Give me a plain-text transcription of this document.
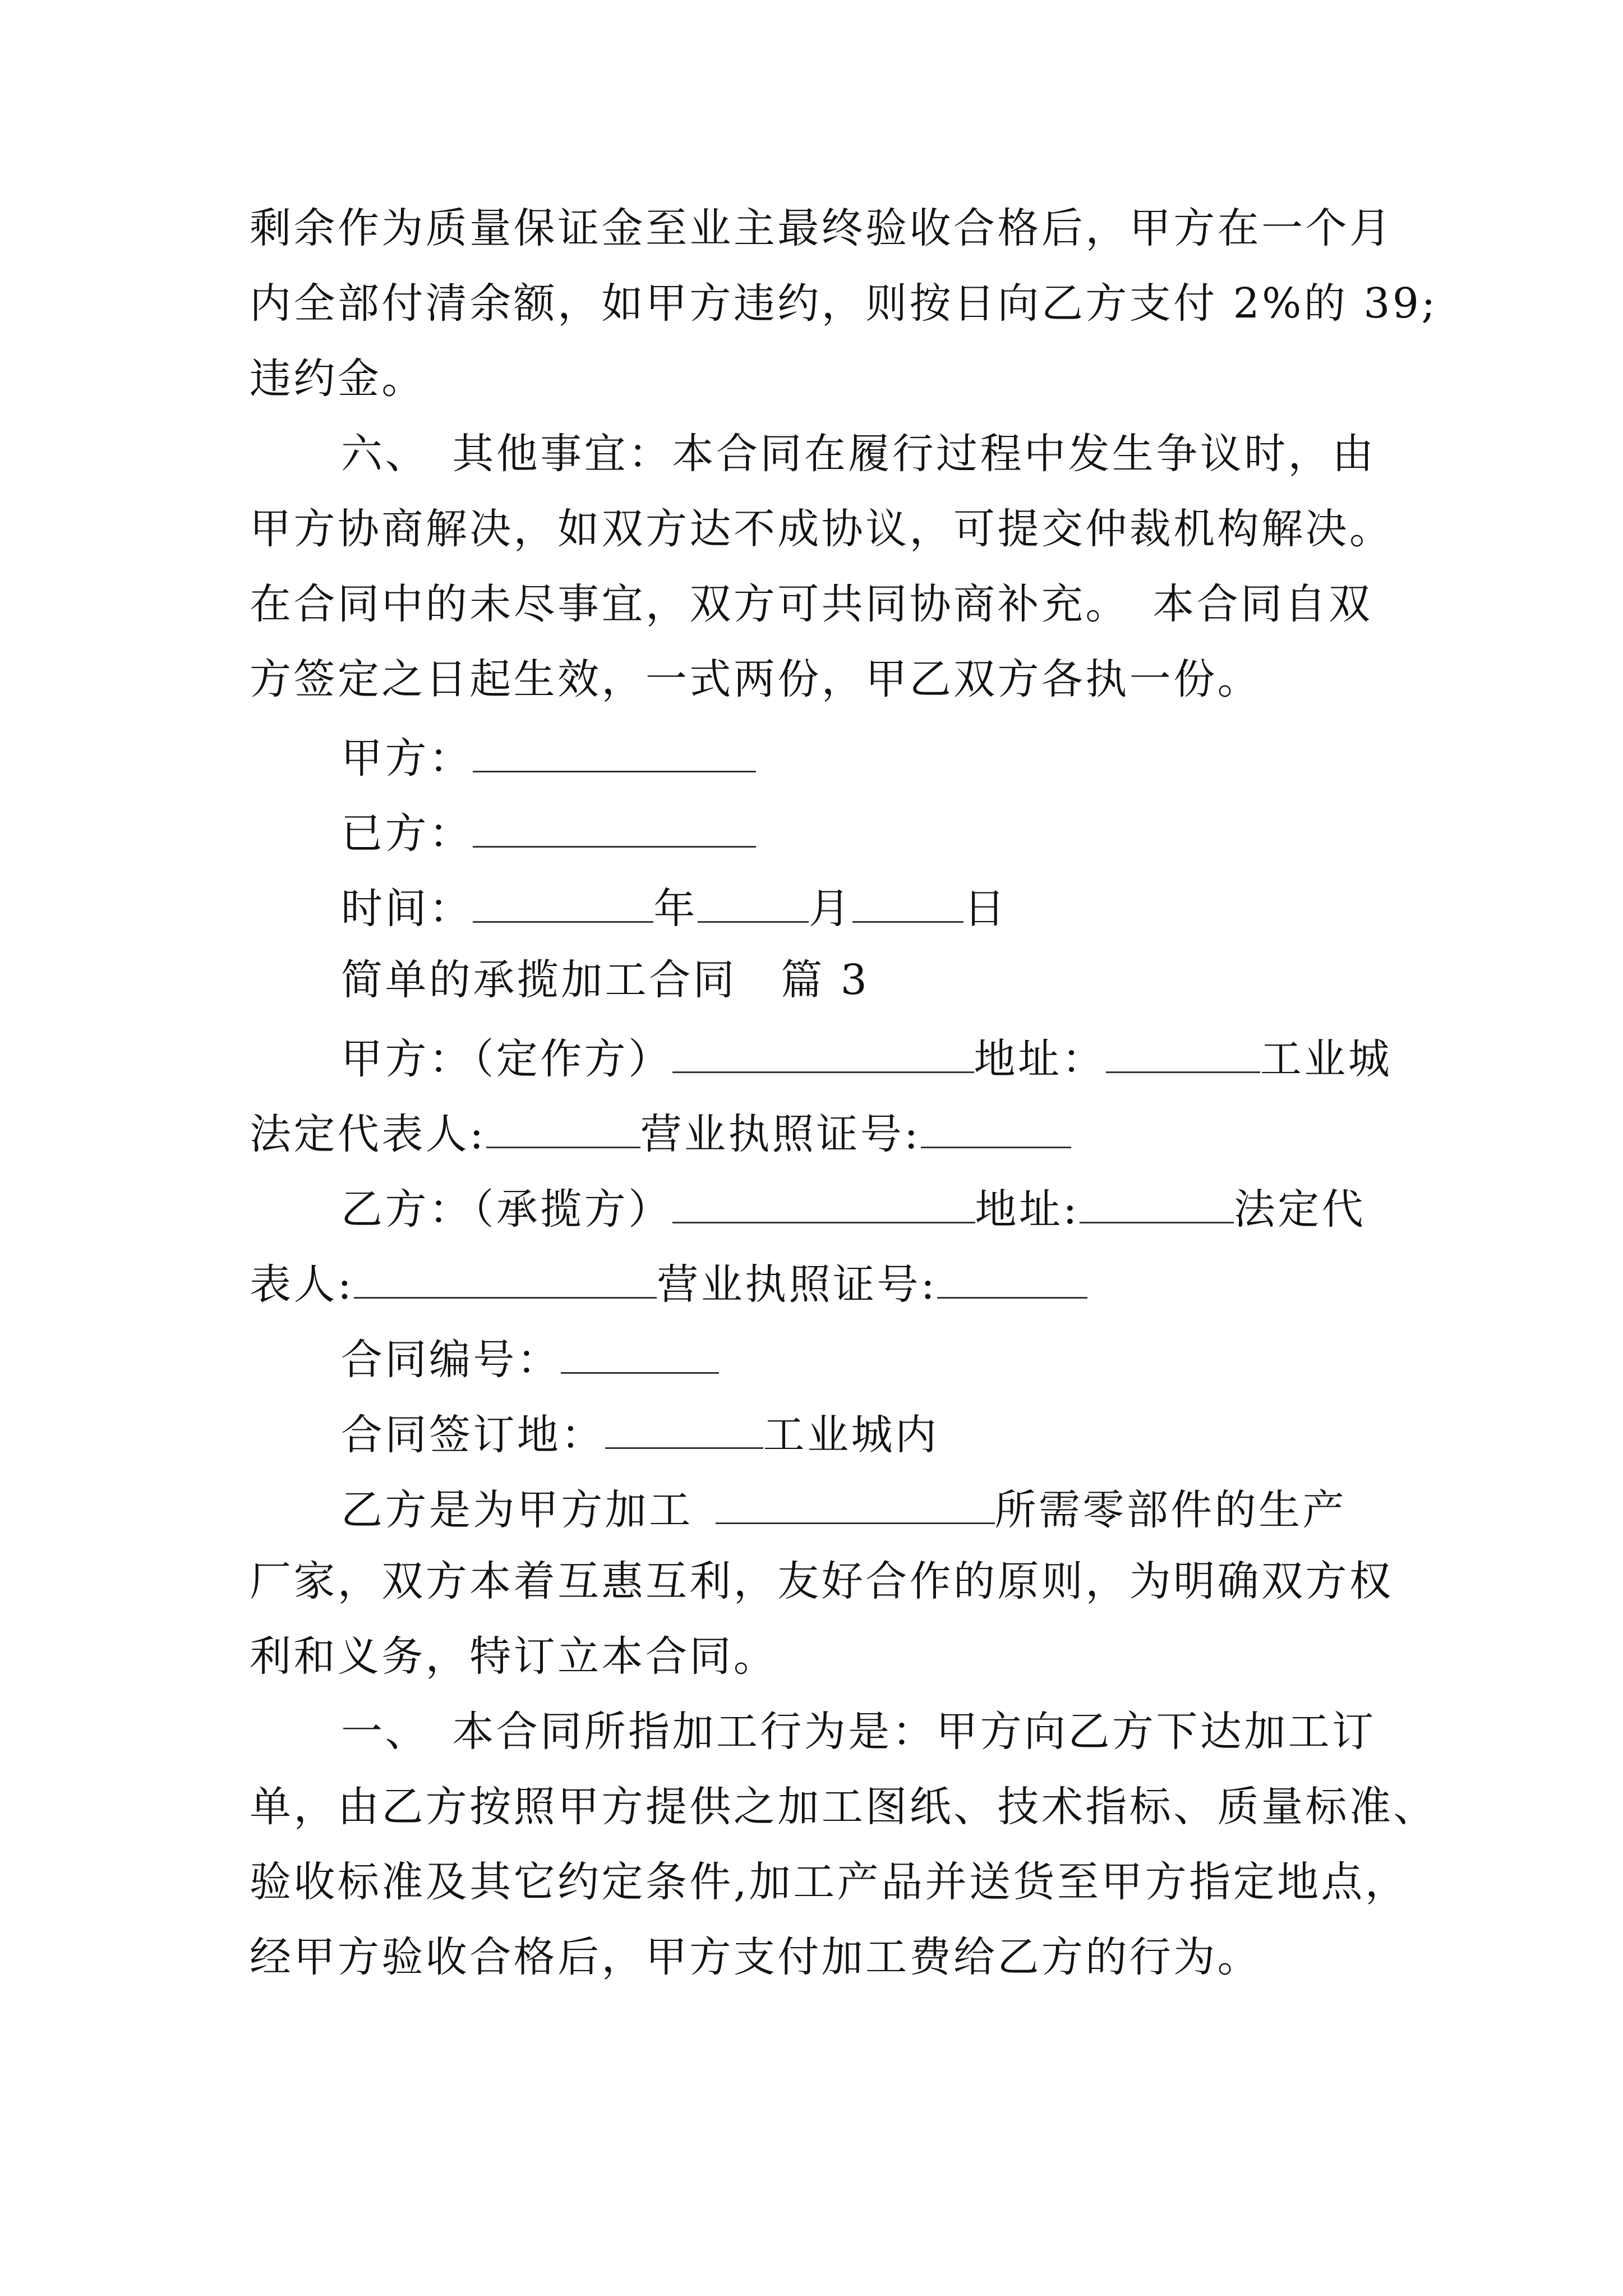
剩余作为质量保证金至业主最终验收合格后，甲方在一个月
内全部付清余额，如甲方违约，则按日向乙方支付 2%的 39;
违约金。
六、　其他事宜：本合同在履行过程中发生争议时，由
甲方协商解决，如双方达不成协议，可提交仲裁机构解决。
在合同中的未尽事宜，双方可共同协商补充。　本合同自双
方签定之日起生效，一式两份，甲乙双方各执一份。
甲方：
已方：
时间：	年	月	日
简单的承揽加工合同　篇 3
甲方：（定作方）	地址：	工业城
法定代表人:	营业执照证号:
乙方：（承揽方）	地址:	法定代
表人:	营业执照证号:
合同编号：
合同签订地：	工业城内
乙方是为甲方加工	所需零部件的生产
厂家，双方本着互惠互利，友好合作的原则，为明确双方权
利和义务，特订立本合同。
一、　本合同所指加工行为是：甲方向乙方下达加工订
单，由乙方按照甲方提供之加工图纸、技术指标、质量标准、
验收标准及其它约定条件,加工产品并送货至甲方指定地点，
经甲方验收合格后，甲方支付加工费给乙方的行为。
